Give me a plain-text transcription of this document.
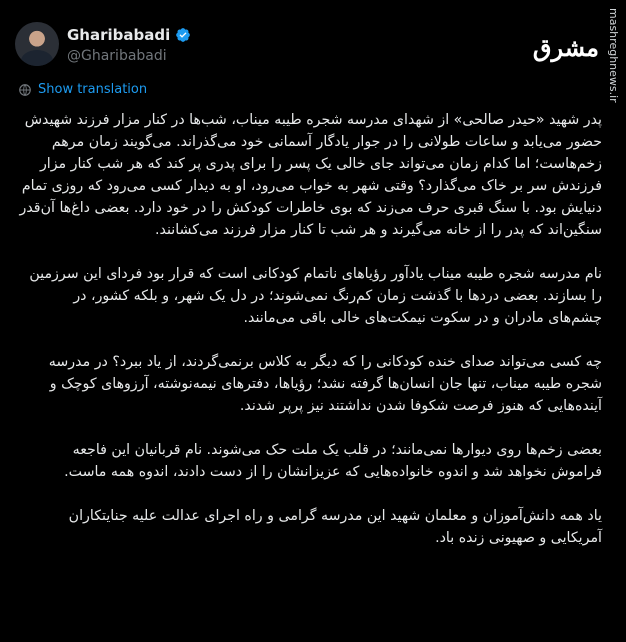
Gharibabadi
@Gharibabadi	مشرق mashreghnews.ir
Show translation

پدر شهید «حیدر صالحی» از شهدای مدرسه شجره طیبه میناب، شب‌ها در کنار مزار فرزند شهیدش حضور می‌یابد و ساعات طولانی را در جوار یادگار آسمانی خود می‌گذراند. می‌گویند زمان مرهم زخم‌هاست؛ اما کدام زمان می‌تواند جای خالی یک پسر را برای پدری پر کند که هر شب کنار مزار فرزندش سر بر خاک می‌گذارد؟ وقتی شهر به خواب می‌رود، او به دیدار کسی می‌رود که روزی تمام دنیایش بود. با سنگ قبری حرف می‌زند که بوی خاطرات کودکش را در خود دارد. بعضی داغ‌ها آن‌قدر سنگین‌اند که پدر را از خانه می‌گیرند و هر شب تا کنار مزار فرزند می‌کشانند.

نام مدرسه شجره طیبه میناب یادآور رؤیاهای ناتمام کودکانی است که قرار بود فردای این سرزمین را بسازند. بعضی دردها با گذشت زمان کم‌رنگ نمی‌شوند؛ در دل یک شهر، و بلکه کشور، در چشم‌های مادران و در سکوت نیمکت‌های خالی باقی می‌مانند.

چه کسی می‌تواند صدای خنده کودکانی را که دیگر به کلاس برنمی‌گردند، از یاد ببرد؟ در مدرسه شجره طیبه میناب، تنها جان انسان‌ها گرفته نشد؛ رؤیاها، دفترهای نیمه‌نوشته، آرزوهای کوچک و آینده‌هایی که هنوز فرصت شکوفا شدن نداشتند نیز پرپر شدند.

بعضی زخم‌ها روی دیوارها نمی‌مانند؛ در قلب یک ملت حک می‌شوند. نام قربانیان این فاجعه فراموش نخواهد شد و اندوه خانواده‌هایی که عزیزانشان را از دست دادند، اندوه همه ماست.

یاد همه دانش‌آموزان و معلمان شهید این مدرسه گرامی و راه اجرای عدالت علیه جنایتکاران آمریکایی و صهیونی زنده باد.
